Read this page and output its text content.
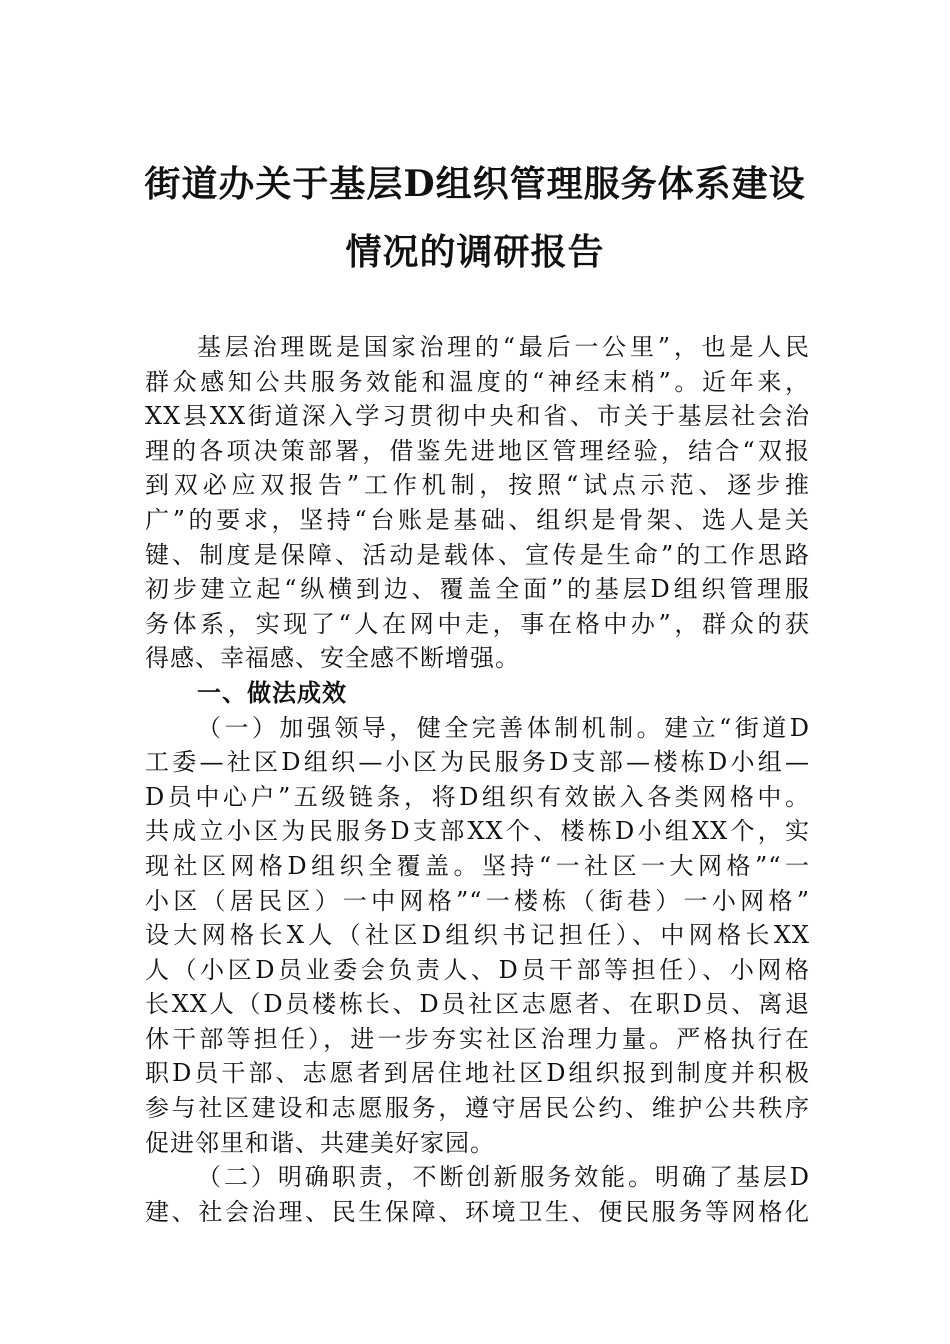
街道办关于基层D组织管理服务体系建设
情况的调研报告
基层治理既是国家治理的“最后一公里”，也是人民
群众感知公共服务效能和温度的“神经末梢”。近年来，
XX县XX街道深入学习贯彻中央和省、市关于基层社会治
理的各项决策部署，借鉴先进地区管理经验，结合“双报
到双必应双报告”工作机制，按照“试点示范、逐步推
广”的要求，坚持“台账是基础、组织是骨架、选人是关
键、制度是保障、活动是载体、宣传是生命”的工作思路
初步建立起“纵横到边、覆盖全面”的基层D组织管理服
务体系，实现了“人在网中走，事在格中办”，群众的获
得感、幸福感、安全感不断增强。
一、做法成效
（一）加强领导，健全完善体制机制。建立“街道D
工委—社区D组织—小区为民服务D支部—楼栋D小组—
D员中心户”五级链条，将D组织有效嵌入各类网格中。
共成立小区为民服务D支部XX个、楼栋D小组XX个，实
现社区网格D组织全覆盖。坚持“一社区一大网格”“一
小区（居民区）一中网格”“一楼栋（街巷）一小网格”
设大网格长X人（社区D组织书记担任）、中网格长XX
人（小区D员业委会负责人、D员干部等担任）、小网格
长XX人（D员楼栋长、D员社区志愿者、在职D员、离退
休干部等担任），进一步夯实社区治理力量。严格执行在
职D员干部、志愿者到居住地社区D组织报到制度并积极
参与社区建设和志愿服务，遵守居民公约、维护公共秩序
促进邻里和谐、共建美好家园。
（二）明确职责，不断创新服务效能。明确了基层D
建、社会治理、民生保障、环境卫生、便民服务等网格化
